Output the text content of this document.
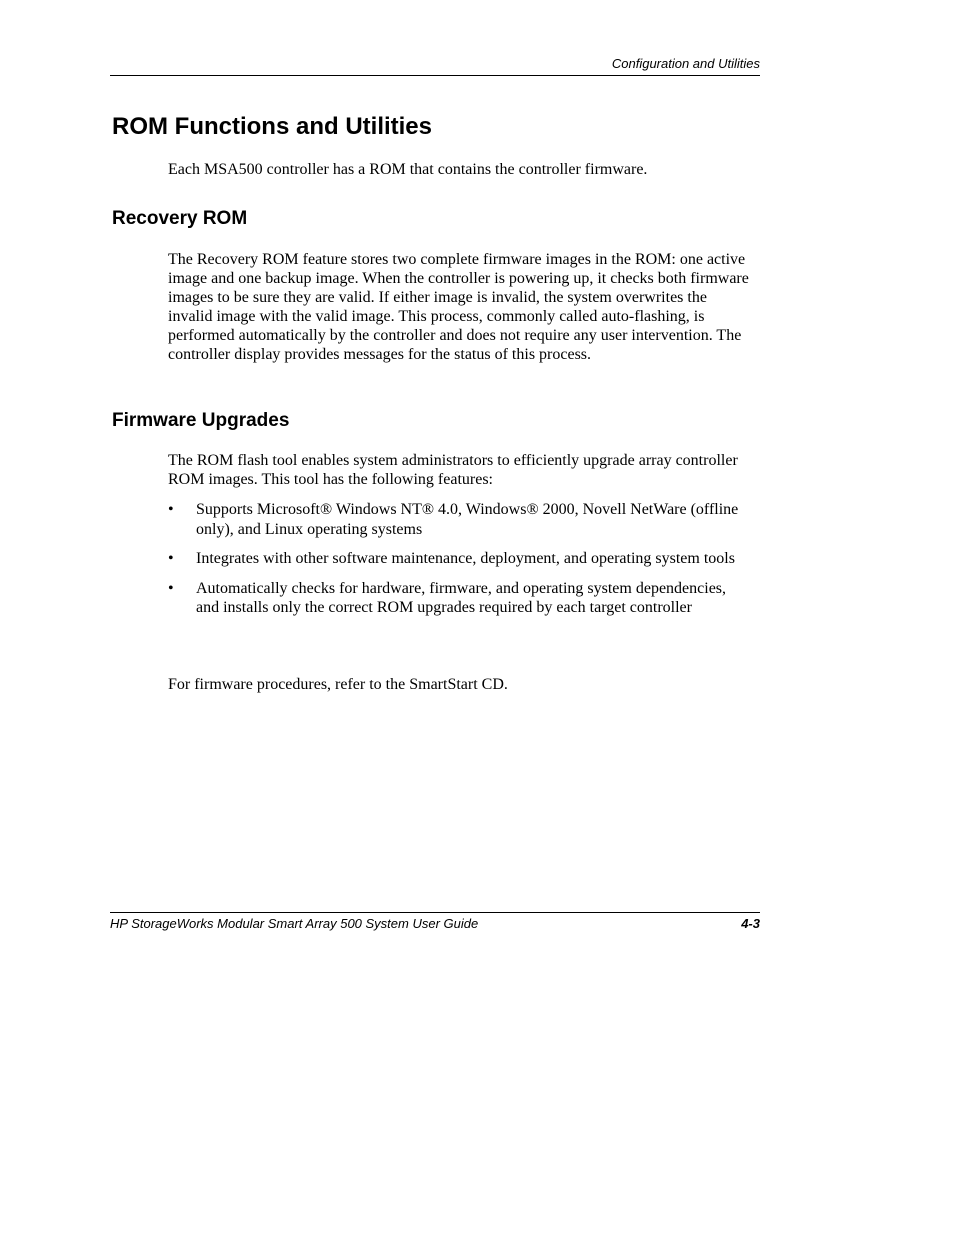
Configuration and Utilities
ROM Functions and Utilities

Each MSA500 controller has a ROM that contains the controller firmware.

Recovery ROM

The Recovery ROM feature stores two complete firmware images in the ROM: one active image and one backup image. When the controller is powering up, it checks both firmware images to be sure they are valid. If either image is invalid, the system overwrites the invalid image with the valid image. This process, commonly called auto-flashing, is performed automatically by the controller and does not require any user intervention. The controller display provides messages for the status of this process.

Firmware Upgrades

The ROM flash tool enables system administrators to efficiently upgrade array controller ROM images. This tool has the following features:

•	Supports Microsoft® Windows NT® 4.0, Windows® 2000, Novell NetWare (offline only), and Linux operating systems
•	Integrates with other software maintenance, deployment, and operating system tools
•	Automatically checks for hardware, firmware, and operating system dependencies, and installs only the correct ROM upgrades required by each target controller

For firmware procedures, refer to the SmartStart CD.

HP StorageWorks Modular Smart Array 500 System User Guide	4-3
